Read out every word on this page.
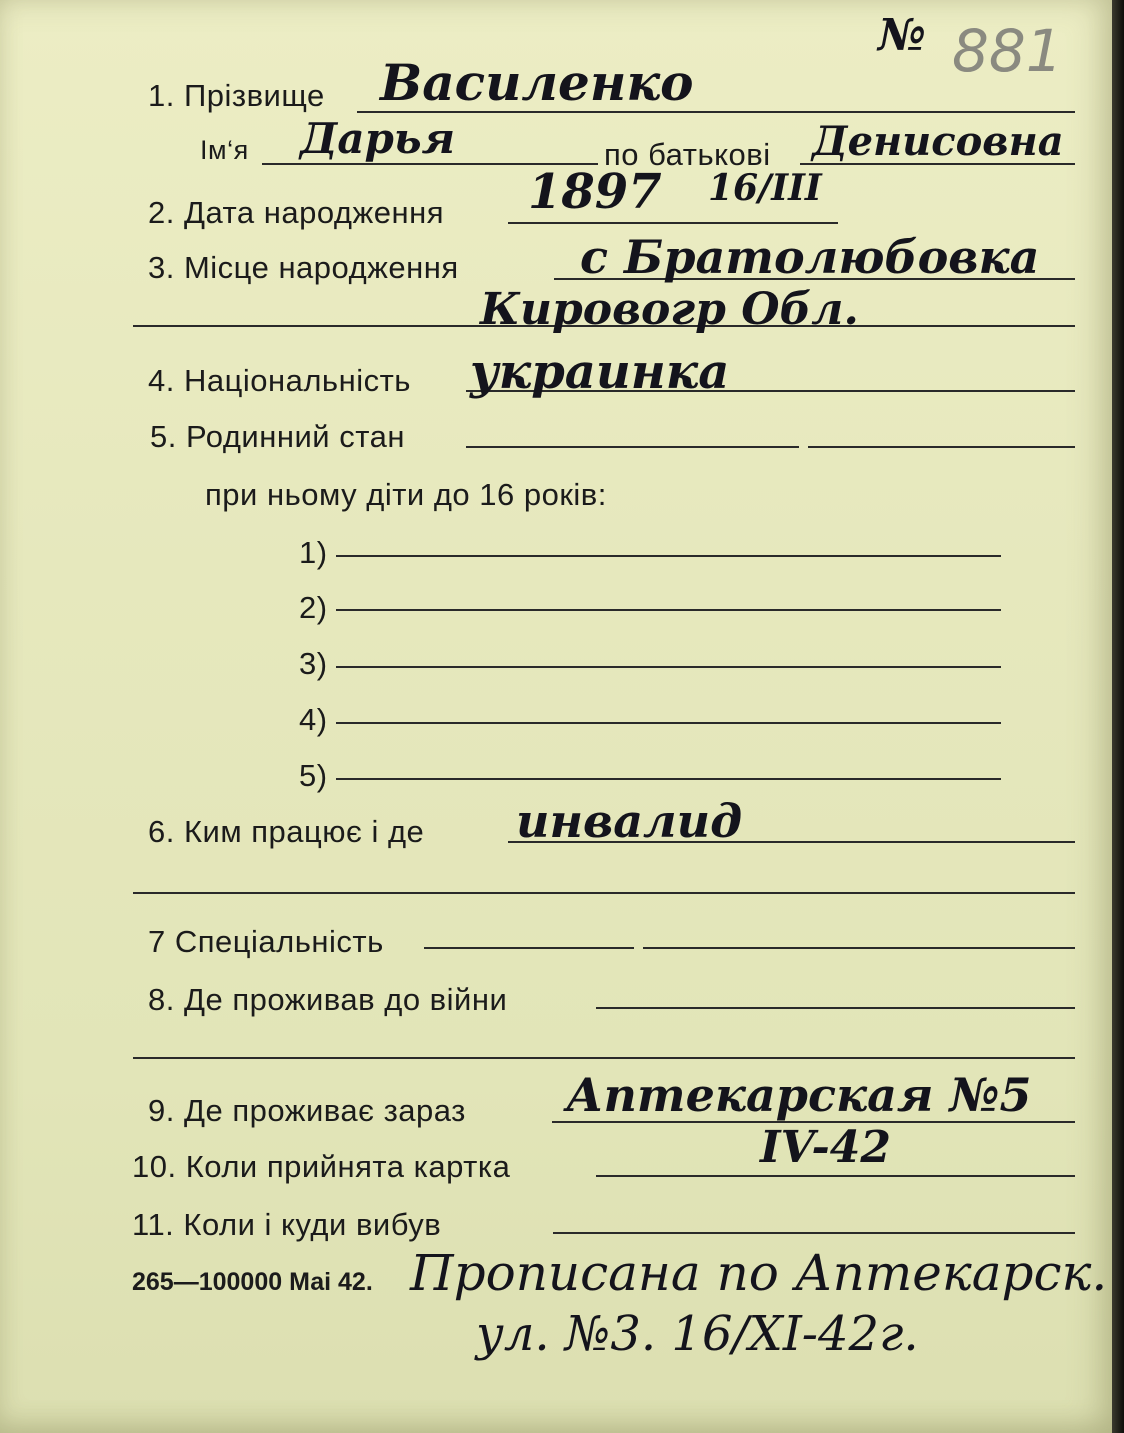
№ 881
1. Прізвище Василенко
Ім‘я Дарья	по батькові Денисовна
2. Дата народження 1897 16/III
3. Місце народження	с Братолюбовка
Кировогр Обл.
4. Національність украинка
5. Родинний стан
при ньому діти до 16 років:
1)
2)
3)
4)
5)
6. Ким працює і де инвалид
7 Спеціальність
8. Де проживав до війни
9. Де проживає зараз Аптекарская №5
10. Коли прийнята картка	IV-42
11. Коли і куди вибув
265—100000 Маі 42. Прописана по Аптекарск.
ул. №3. 16/XI-42г.
